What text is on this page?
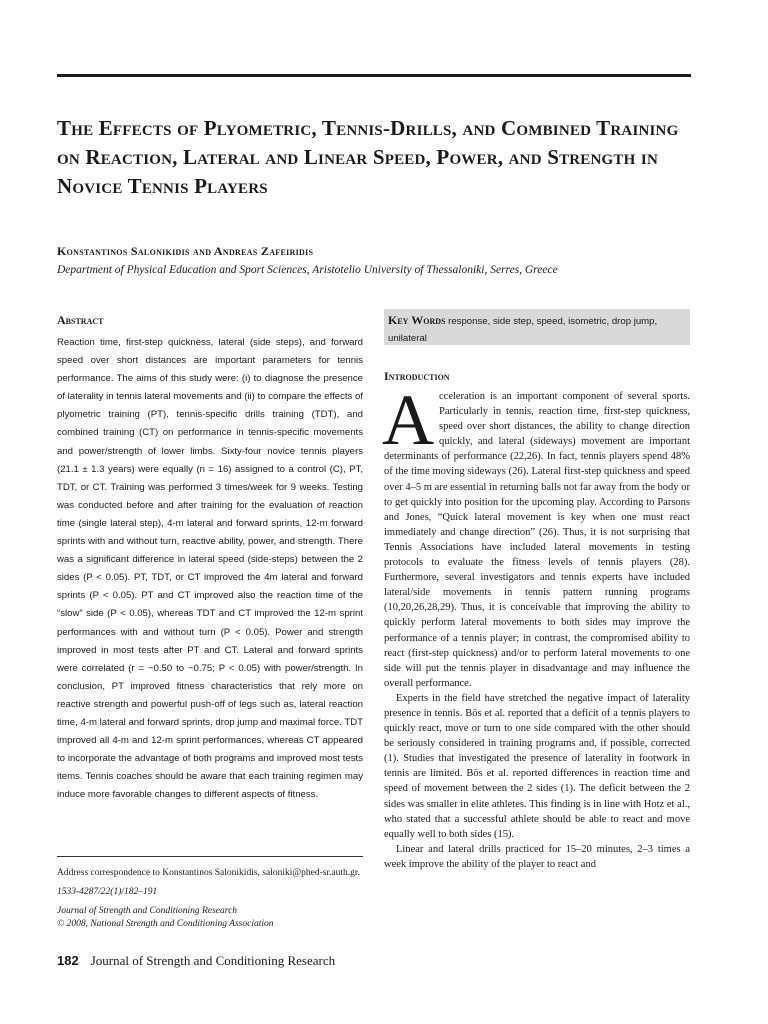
The Effects of Plyometric, Tennis-Drills, and Combined Training on Reaction, Lateral and Linear Speed, Power, and Strength in Novice Tennis Players

Konstantinos Salonikidis and Andreas Zafeiridis

Department of Physical Education and Sport Sciences, Aristotelio University of Thessaloniki, Serres, Greece

Abstract

Reaction time, first-step quickness, lateral (side steps), and forward speed over short distances are important parameters for tennis performance. The aims of this study were: (i) to diagnose the presence of laterality in tennis lateral movements and (ii) to compare the effects of plyometric training (PT), tennis-specific drills training (TDT), and combined training (CT) on performance in tennis-specific movements and power/strength of lower limbs. Sixty-four novice tennis players (21.1 ± 1.3 years) were equally (n = 16) assigned to a control (C), PT, TDT, or CT. Training was performed 3 times/week for 9 weeks. Testing was conducted before and after training for the evaluation of reaction time (single lateral step), 4-m lateral and forward sprints, 12-m forward sprints with and without turn, reactive ability, power, and strength. There was a significant difference in lateral speed (side-steps) between the 2 sides (P < 0.05). PT, TDT, or CT improved the 4m lateral and forward sprints (P < 0.05). PT and CT improved also the reaction time of the “slow” side (P < 0.05), whereas TDT and CT improved the 12-m sprint performances with and without turn (P < 0.05). Power and strength improved in most tests after PT and CT. Lateral and forward sprints were correlated (r = −0.50 to −0.75; P < 0.05) with power/strength. In conclusion, PT improved fitness characteristics that rely more on reactive strength and powerful push-off of legs such as, lateral reaction time, 4-m lateral and forward sprints, drop jump and maximal force. TDT improved all 4-m and 12-m sprint performances, whereas CT appeared to incorporate the advantage of both programs and improved most tests items. Tennis coaches should be aware that each training regimen may induce more favorable changes to different aspects of fitness.

Address correspondence to Konstantinos Salonikidis, saloniki@phed-sr.auth.gr.

1533-4287/22(1)/182–191

Journal of Strength and Conditioning Research

© 2008, National Strength and Conditioning Association

182 Journal of Strength and Conditioning Research

Key Words response, side step, speed, isometric, drop jump, unilateral

Introduction

Acceleration is an important component of several sports. Particularly in tennis, reaction time, first-step quickness, speed over short distances, the ability to change direction quickly, and lateral (sideways) movement are important determinants of performance (22,26). In fact, tennis players spend 48% of the time moving sideways (26). Lateral first-step quickness and speed over 4–5 m are essential in returning balls not far away from the body or to get quickly into position for the upcoming play. According to Parsons and Jones, “Quick lateral movement is key when one must react immediately and change direction” (26). Thus, it is not surprising that Tennis Associations have included lateral movements in testing protocols to evaluate the fitness levels of tennis players (28). Furthermore, several investigators and tennis experts have included lateral/side movements in tennis pattern running programs (10,20,26,28,29). Thus, it is conceivable that improving the ability to quickly perform lateral movements to both sides may improve the performance of a tennis player; in contrast, the compromised ability to react (first-step quickness) and/or to perform lateral movements to one side will put the tennis player in disadvantage and may influence the overall performance.

Experts in the field have stretched the negative impact of laterality presence in tennis. Bös et al. reported that a deficit of a tennis players to quickly react, move or turn to one side compared with the other should be seriously considered in training programs and, if possible, corrected (1). Studies that investigated the presence of laterality in footwork in tennis are limited. Bös et al. reported differences in reaction time and speed of movement between the 2 sides (1). The deficit between the 2 sides was smaller in elite athletes. This finding is in line with Hotz et al., who stated that a successful athlete should be able to react and move equally well to both sides (15).

Linear and lateral drills practiced for 15–20 minutes, 2–3 times a week improve the ability of the player to react and
